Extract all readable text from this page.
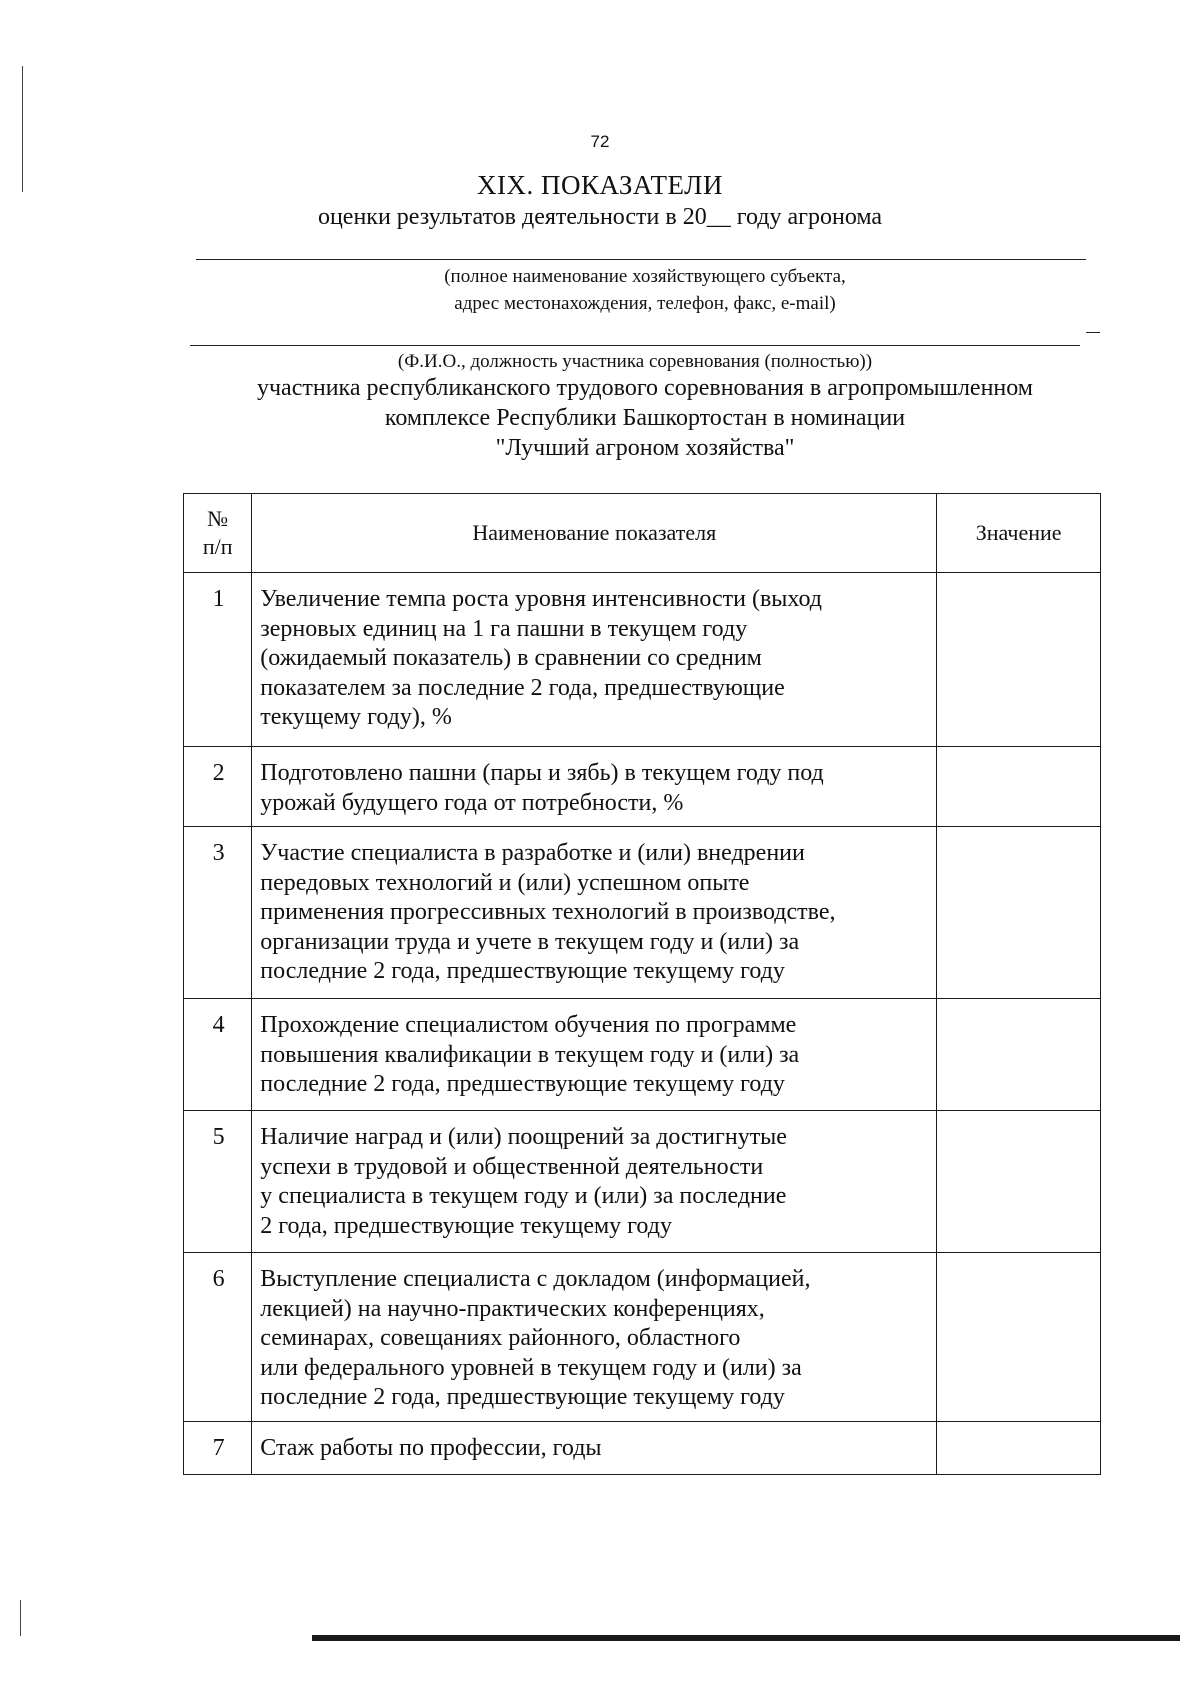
72
XIX. ПОКАЗАТЕЛИ
оценки результатов деятельности в 20__ году агронома
(полное наименование хозяйствующего субъекта,
адрес местонахождения, телефон, факс, e-mail)
(Ф.И.О., должность участника соревнования (полностью))
участника республиканского трудового соревнования в агропромышленном
комплексе Республики Башкортостан в номинации
"Лучший агроном хозяйства"
№
п/п	Наименование показателя	Значение
1	Увеличение темпа роста уровня интенсивности (выход
зерновых единиц на 1 га пашни в текущем году
(ожидаемый показатель) в сравнении со средним
показателем за последние 2 года, предшествующие
текущему году), %	

2	Подготовлено пашни (пары и зябь) в текущем году под
урожай будущего года от потребности, %	

3	Участие специалиста в разработке и (или) внедрении
передовых технологий и (или) успешном опыте
применения прогрессивных технологий в производстве,
организации труда и учете в текущем году и (или) за
последние 2 года, предшествующие текущему году	

4	Прохождение специалистом обучения по программе
повышения квалификации в текущем году и (или) за
последние 2 года, предшествующие текущему году	

5	Наличие наград и (или) поощрений за достигнутые
успехи в трудовой и общественной деятельности
у специалиста в текущем году и (или) за последние
2 года, предшествующие текущему году	

6	Выступление специалиста с докладом (информацией,
лекцией) на научно-практических конференциях,
семинарах, совещаниях районного, областного
или федерального уровней в текущем году и (или) за
последние 2 года, предшествующие текущему году	

7	Стаж работы по профессии, годы	
